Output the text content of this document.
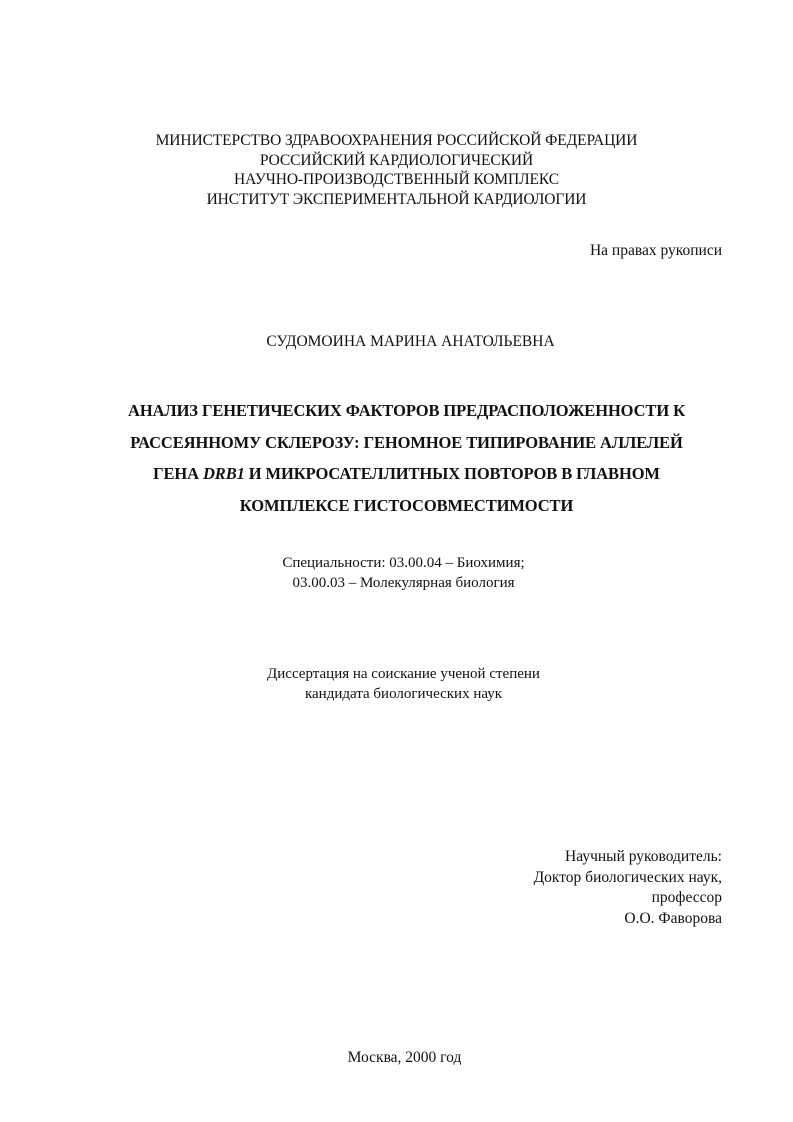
МИНИСТЕРСТВО ЗДРАВООХРАНЕНИЯ РОССИЙСКОЙ ФЕДЕРАЦИИ
РОССИЙСКИЙ КАРДИОЛОГИЧЕСКИЙ
НАУЧНО-ПРОИЗВОДСТВЕННЫЙ КОМПЛЕКС
ИНСТИТУТ ЭКСПЕРИМЕНТАЛЬНОЙ КАРДИОЛОГИИ
На правах рукописи
СУДОМОИНА МАРИНА АНАТОЛЬЕВНА
АНАЛИЗ ГЕНЕТИЧЕСКИХ ФАКТОРОВ ПРЕДРАСПОЛОЖЕННОСТИ К
РАССЕЯННОМУ СКЛЕРОЗУ: ГЕНОМНОЕ ТИПИРОВАНИЕ АЛЛЕЛЕЙ
ГЕНА DRB1 И МИКРОСАТЕЛЛИТНЫХ ПОВТОРОВ В ГЛАВНОМ
КОМПЛЕКСЕ ГИСТОСОВМЕСТИМОСТИ
Специальности: 03.00.04 – Биохимия;
03.00.03 – Молекулярная биология
Диссертация на соискание ученой степени
кандидата биологических наук
Научный руководитель:
Доктор биологических наук,
профессор
О.О. Фаворова
Москва, 2000 год
